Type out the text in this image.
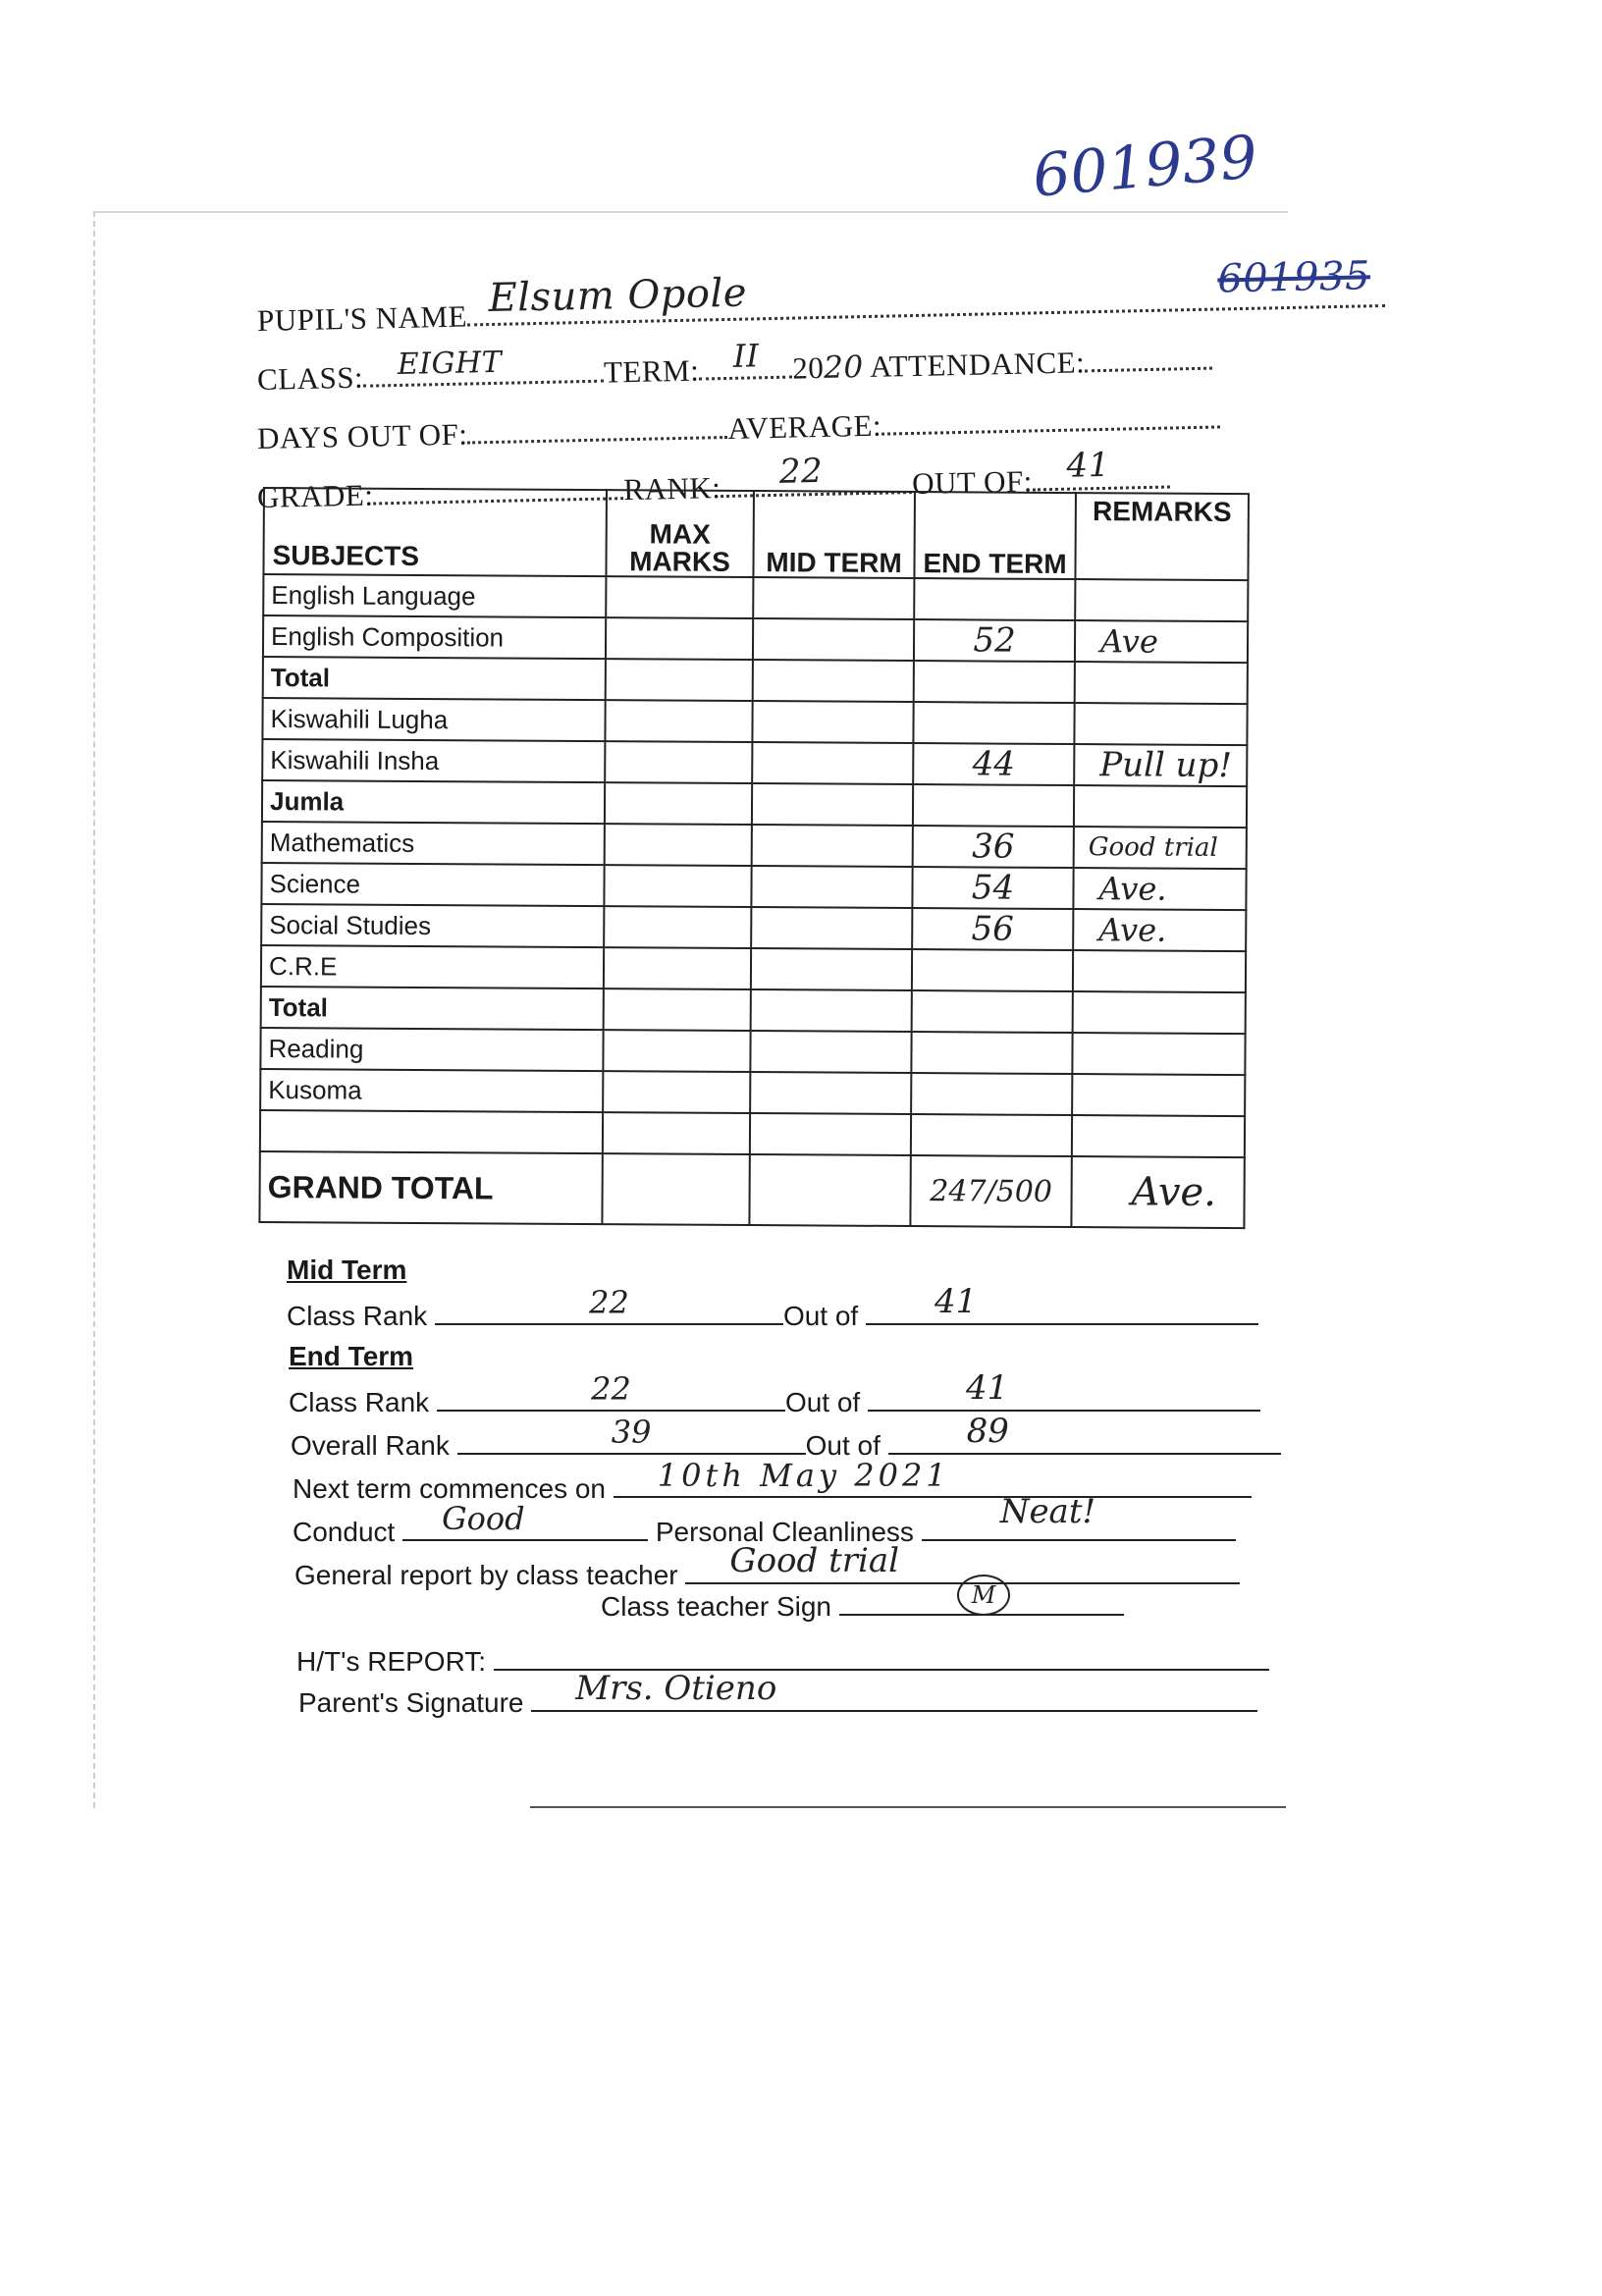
601939
PUPIL'S NAME Elsum Opole	601935
CLASS: EIGHT	TERM: II 2020 ATTENDANCE:
DAYS OUT OF:	AVERAGE:
GRADE:	RANK: 22	OUT OF: 41
SUBJECTS	MAX MARKS	MID TERM	END TERM	REMARKS
English Language				
English Composition			52	Ave
Total				
Kiswahili Lugha				
Kiswahili Insha			44	Pull up!
Jumla				
Mathematics			36	Good trial
Science			54	Ave.
Social Studies			56	Ave.
C.R.E				
Total				
Reading				
Kusoma				

GRAND TOTAL			247/500	Ave.
Mid Term
Class Rank	22	Out of 41
End Term
Class Rank	22	Out of	41
Overall Rank	39	Out of	89
Next term commences on 10th May 2021
Conduct Good	Personal Cleanliness
Neat!
General report by class teacher Good trial
Class teacher Sign	M
H/T's REPORT:
Parent's Signature Mrs. Otieno
